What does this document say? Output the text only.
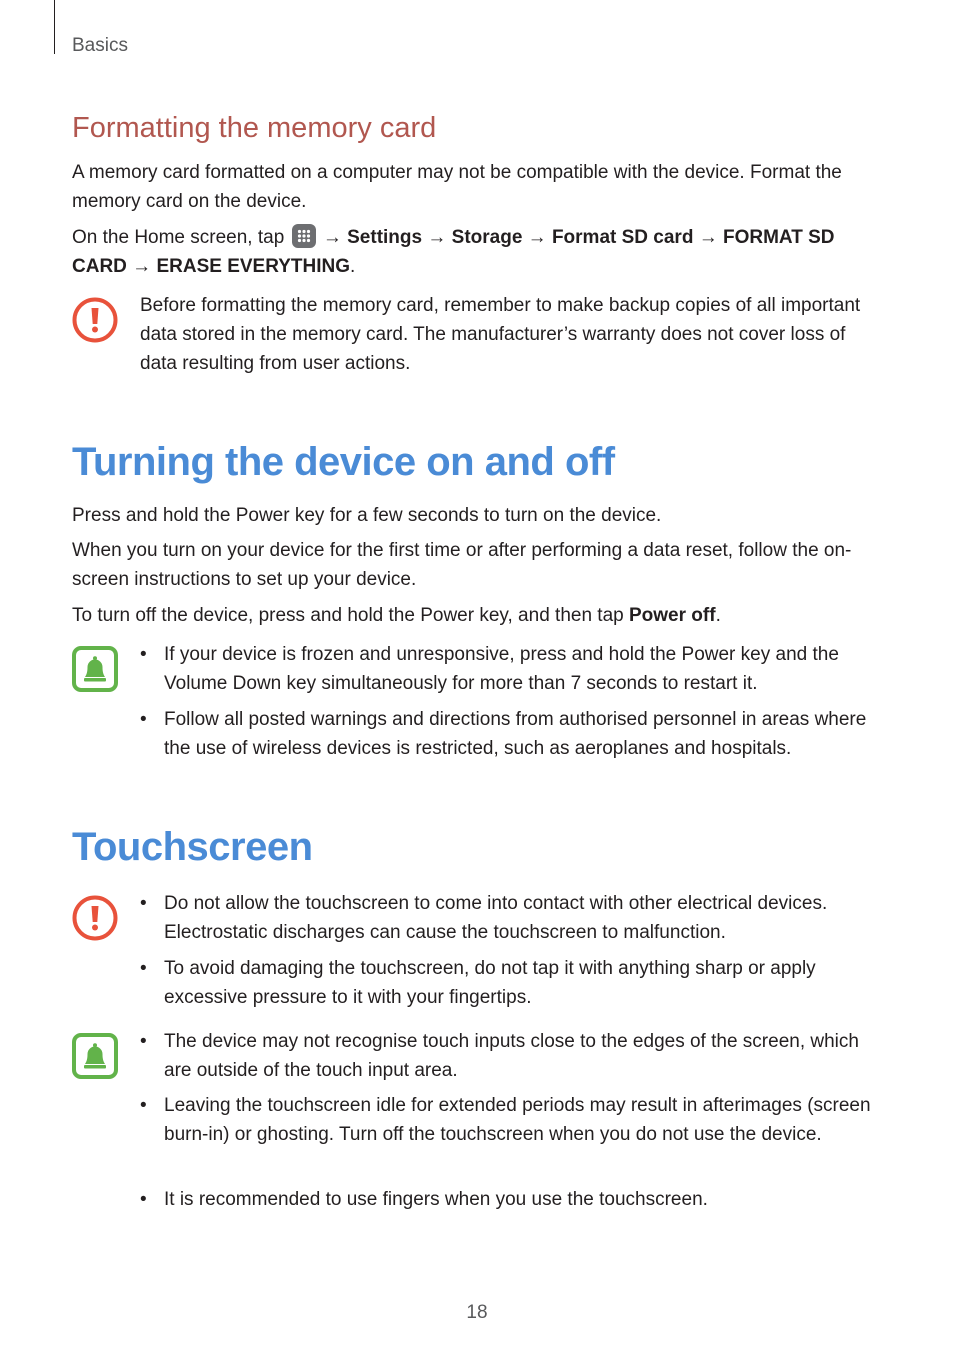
Basics
Formatting the memory card
A memory card formatted on a computer may not be compatible with the device. Format the memory card on the device.
On the Home screen, tap → Settings → Storage → Format SD card → FORMAT SD CARD → ERASE EVERYTHING.
Before formatting the memory card, remember to make backup copies of all important data stored in the memory card. The manufacturer’s warranty does not cover loss of data resulting from user actions.
Turning the device on and off
Press and hold the Power key for a few seconds to turn on the device.
When you turn on your device for the first time or after performing a data reset, follow the on-screen instructions to set up your device.
To turn off the device, press and hold the Power key, and then tap Power off.
• If your device is frozen and unresponsive, press and hold the Power key and the Volume Down key simultaneously for more than 7 seconds to restart it.
• Follow all posted warnings and directions from authorised personnel in areas where the use of wireless devices is restricted, such as aeroplanes and hospitals.
Touchscreen
• Do not allow the touchscreen to come into contact with other electrical devices. Electrostatic discharges can cause the touchscreen to malfunction.
• To avoid damaging the touchscreen, do not tap it with anything sharp or apply excessive pressure to it with your fingertips.
• The device may not recognise touch inputs close to the edges of the screen, which are outside of the touch input area.
• Leaving the touchscreen idle for extended periods may result in afterimages (screen burn-in) or ghosting. Turn off the touchscreen when you do not use the device.
• It is recommended to use fingers when you use the touchscreen.
18
